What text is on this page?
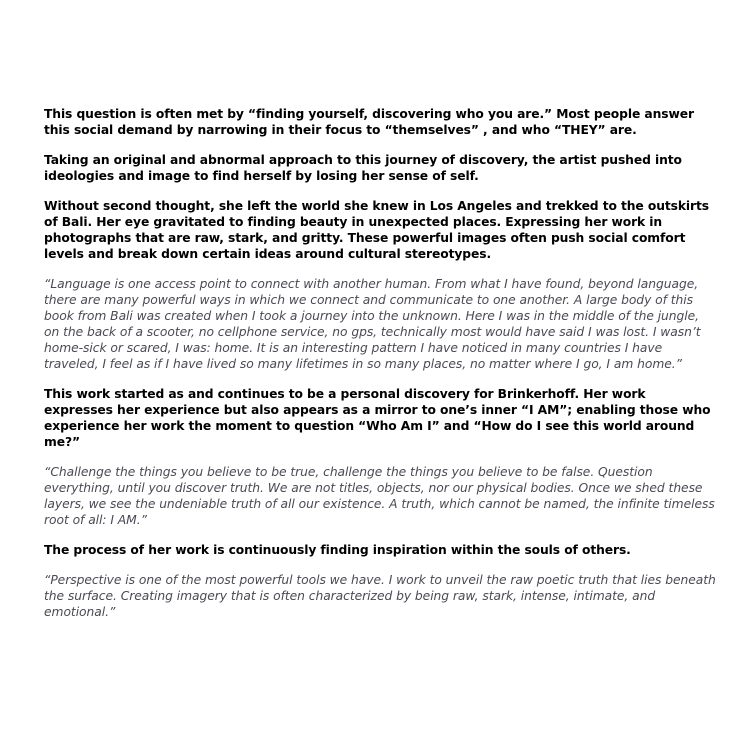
This question is often met by “finding yourself, discovering who you are.” Most people answer this social demand by narrowing in their focus to “themselves” , and who “THEY” are.

Taking an original and abnormal approach to this journey of discovery, the artist pushed into ideologies and image to find herself by losing her sense of self.

Without second thought, she left the world she knew in Los Angeles and trekked to the outskirts of Bali. Her eye gravitated to finding beauty in unexpected places. Expressing her work in photographs that are raw, stark, and gritty. These powerful images often push social comfort levels and break down certain ideas around cultural stereotypes.

“Language is one access point to connect with another human. From what I have found, beyond language, there are many powerful ways in which we connect and communicate to one another. A large body of this book from Bali was created when I took a journey into the unknown. Here I was in the middle of the jungle, on the back of a scooter, no cellphone service, no gps, technically most would have said I was lost. I wasn’t home-sick or scared, I was: home. It is an interesting pattern I have noticed in many countries I have traveled, I feel as if I have lived so many lifetimes in so many places, no matter where I go, I am home.”

This work started as and continues to be a personal discovery for Brinkerhoff. Her work expresses her experience but also appears as a mirror to one’s inner “I AM”; enabling those who experience her work the moment to question “Who Am I” and “How do I see this world around me?”

“Challenge the things you believe to be true, challenge the things you believe to be false. Question everything, until you discover truth. We are not titles, objects, nor our physical bodies. Once we shed these layers, we see the undeniable truth of all our existence. A truth, which cannot be named, the infinite timeless root of all: I AM.”

The process of her work is continuously finding inspiration within the souls of others.

“Perspective is one of the most powerful tools we have. I work to unveil the raw poetic truth that lies beneath the surface. Creating imagery that is often characterized by being raw, stark, intense, intimate, and emotional.”
